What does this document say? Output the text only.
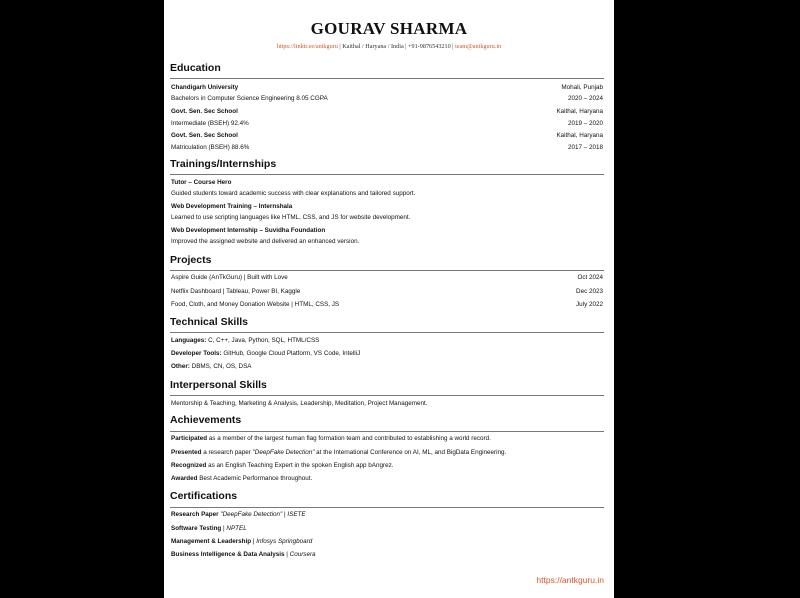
GOURAV SHARMA
https://linktr.ee/antkguru | Kaithal / Haryana / India | +91-9876543210 | team@antkguru.in
Education
Chandigarh University	Mohali, Punjab
Bachelors in Computer Science Engineering 8.05 CGPA	2020 – 2024
Govt. Sen. Sec School	Kaithal, Haryana
Intermediate (BSEH) 92.4%	2019 – 2020
Govt. Sen. Sec School	Kaithal, Haryana
Matriculation (BSEH) 88.6%	2017 – 2018
Trainings/Internships
Tutor – Course Hero
Guided students toward academic success with clear explanations and tailored support.
Web Development Training – Internshala
Learned to use scripting languages like HTML, CSS, and JS for website development.
Web Development Internship – Suvidha Foundation
Improved the assigned website and delivered an enhanced version.
Projects
Aspire Guide (AnTkGuru) | Built with Love	Oct 2024
Netflix Dashboard | Tableau, Power BI, Kaggle	Dec 2023
Food, Cloth, and Money Donation Website | HTML, CSS, JS	July 2022
Technical Skills
Languages: C, C++, Java, Python, SQL, HTML/CSS
Developer Tools: GitHub, Google Cloud Platform, VS Code, IntelliJ
Other: DBMS, CN, OS, DSA
Interpersonal Skills
Mentorship & Teaching, Marketing & Analysis, Leadership, Meditation, Project Management.
Achievements
Participated as a member of the largest human flag formation team and contributed to establishing a world record.
Presented a research paper "DeepFake Detection" at the International Conference on AI, ML, and BigData Engineering.
Recognized as an English Teaching Expert in the spoken English app bAngrez.
Awarded Best Academic Performance throughout.
Certifications
Research Paper "DeepFake Detection" | ISETE
Software Testing | NPTEL
Management & Leadership | Infosys Springboard
Business Intelligence & Data Analysis | Coursera
https://antkguru.in
